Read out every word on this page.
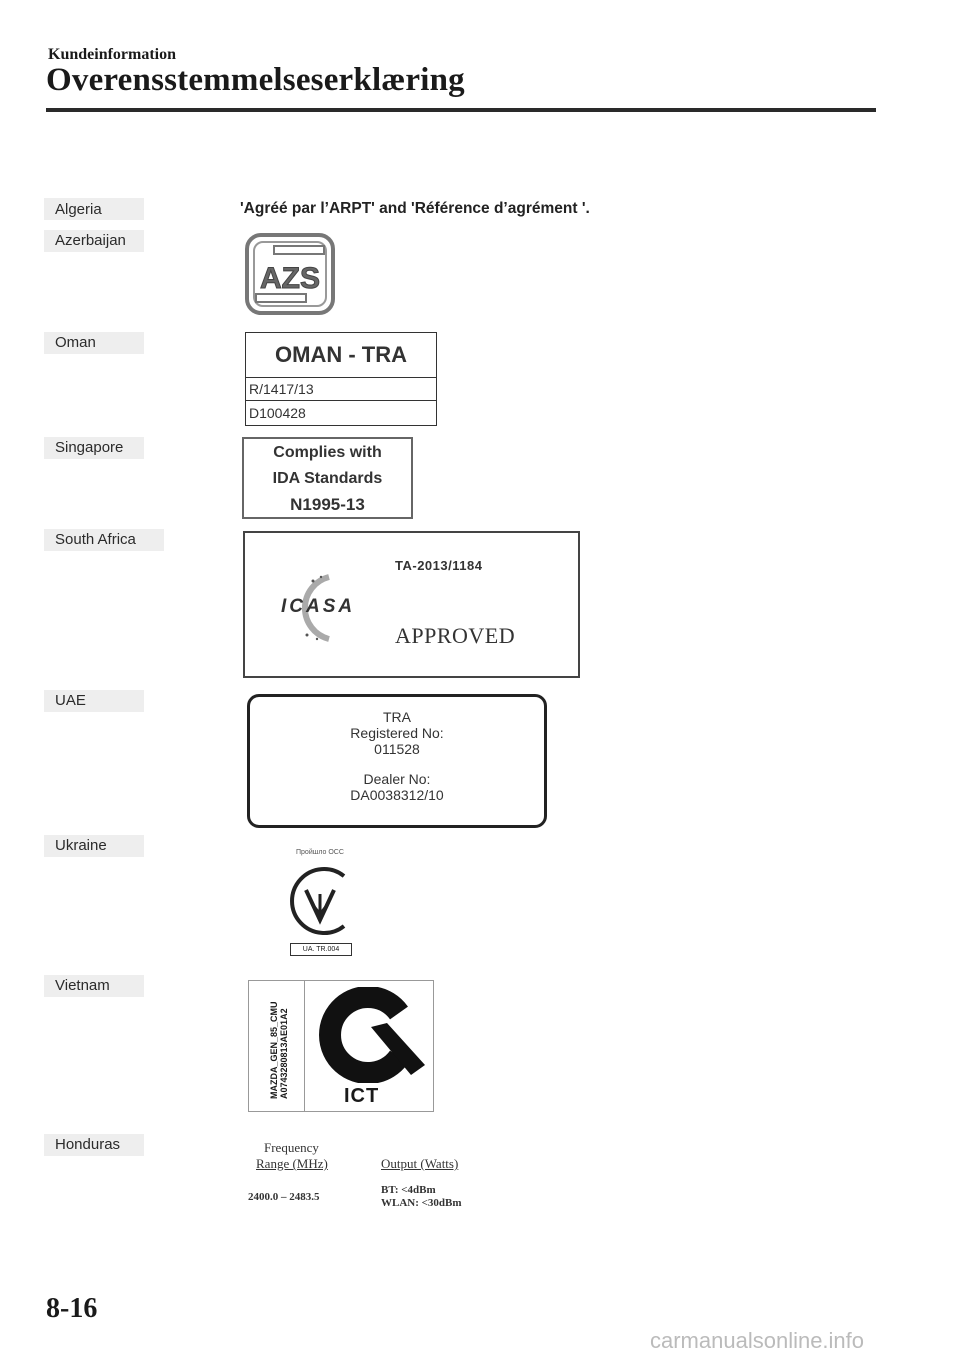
Kundeinformation
Overensstemmelseserklæring
Algeria
Azerbaijan
Oman
Singapore
South Africa
UAE
Ukraine
Vietnam
Honduras
'Agréé par l’ARPT' and 'Référence d’agrément '.
AZS
OMAN - TRA
R/1417/13
D100428
Complies with
IDA Standards
N1995-13
TA-2013/1184
ICASA
APPROVED
TRA
Registered No:
011528
Dealer No:
DA0038312/10
Пройшло ОСС
UA. TR.004
MAZDA_GEN_85_CMU A0743280813AE01A2	ICT
Frequency
Range (MHz)	Output (Watts)
2400.0 – 2483.5
BT: <4dBm
WLAN: <30dBm
8-16
carmanualsonline.info
